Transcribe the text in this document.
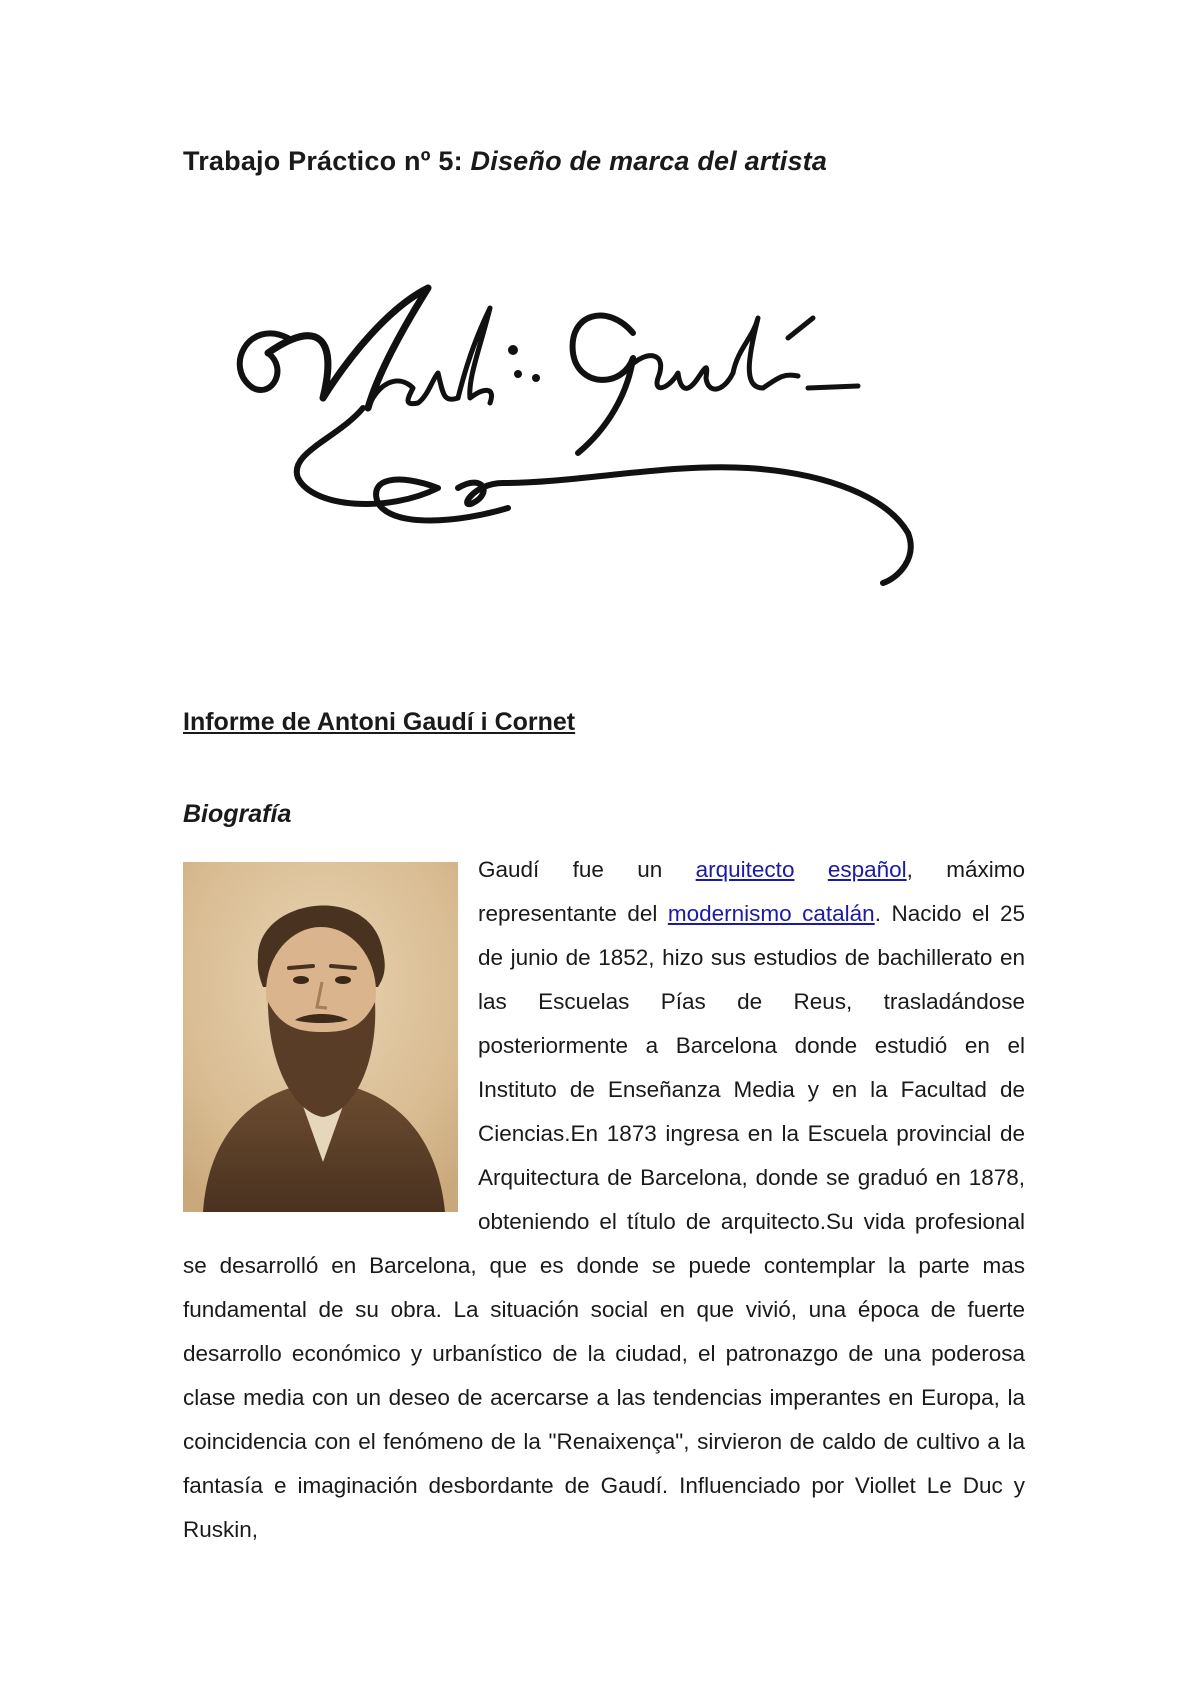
Trabajo Práctico nº 5: Diseño de marca del artista
Informe de Antoni Gaudí i Cornet
Biografía

Gaudí fue un arquitecto español, máximo representante del modernismo catalán. Nacido el 25 de junio de 1852, hizo sus estudios de bachillerato en las Escuelas Pías de Reus, trasladándose posteriormente a Barcelona donde estudió en el Instituto de Enseñanza Media y en la Facultad de Ciencias.En 1873 ingresa en la Escuela provincial de Arquitectura de Barcelona, donde se graduó en 1878, obteniendo el título de arquitecto.Su vida profesional se desarrolló en Barcelona, que es donde se puede contemplar la parte mas fundamental de su obra. La situación social en que vivió, una época de fuerte desarrollo económico y urbanístico de la ciudad, el patronazgo de una poderosa clase media con un deseo de acercarse a las tendencias imperantes en Europa, la coincidencia con el fenómeno de la "Renaixença", sirvieron de caldo de cultivo a la fantasía e imaginación desbordante de Gaudí. Influenciado por Viollet Le Duc y Ruskin,
